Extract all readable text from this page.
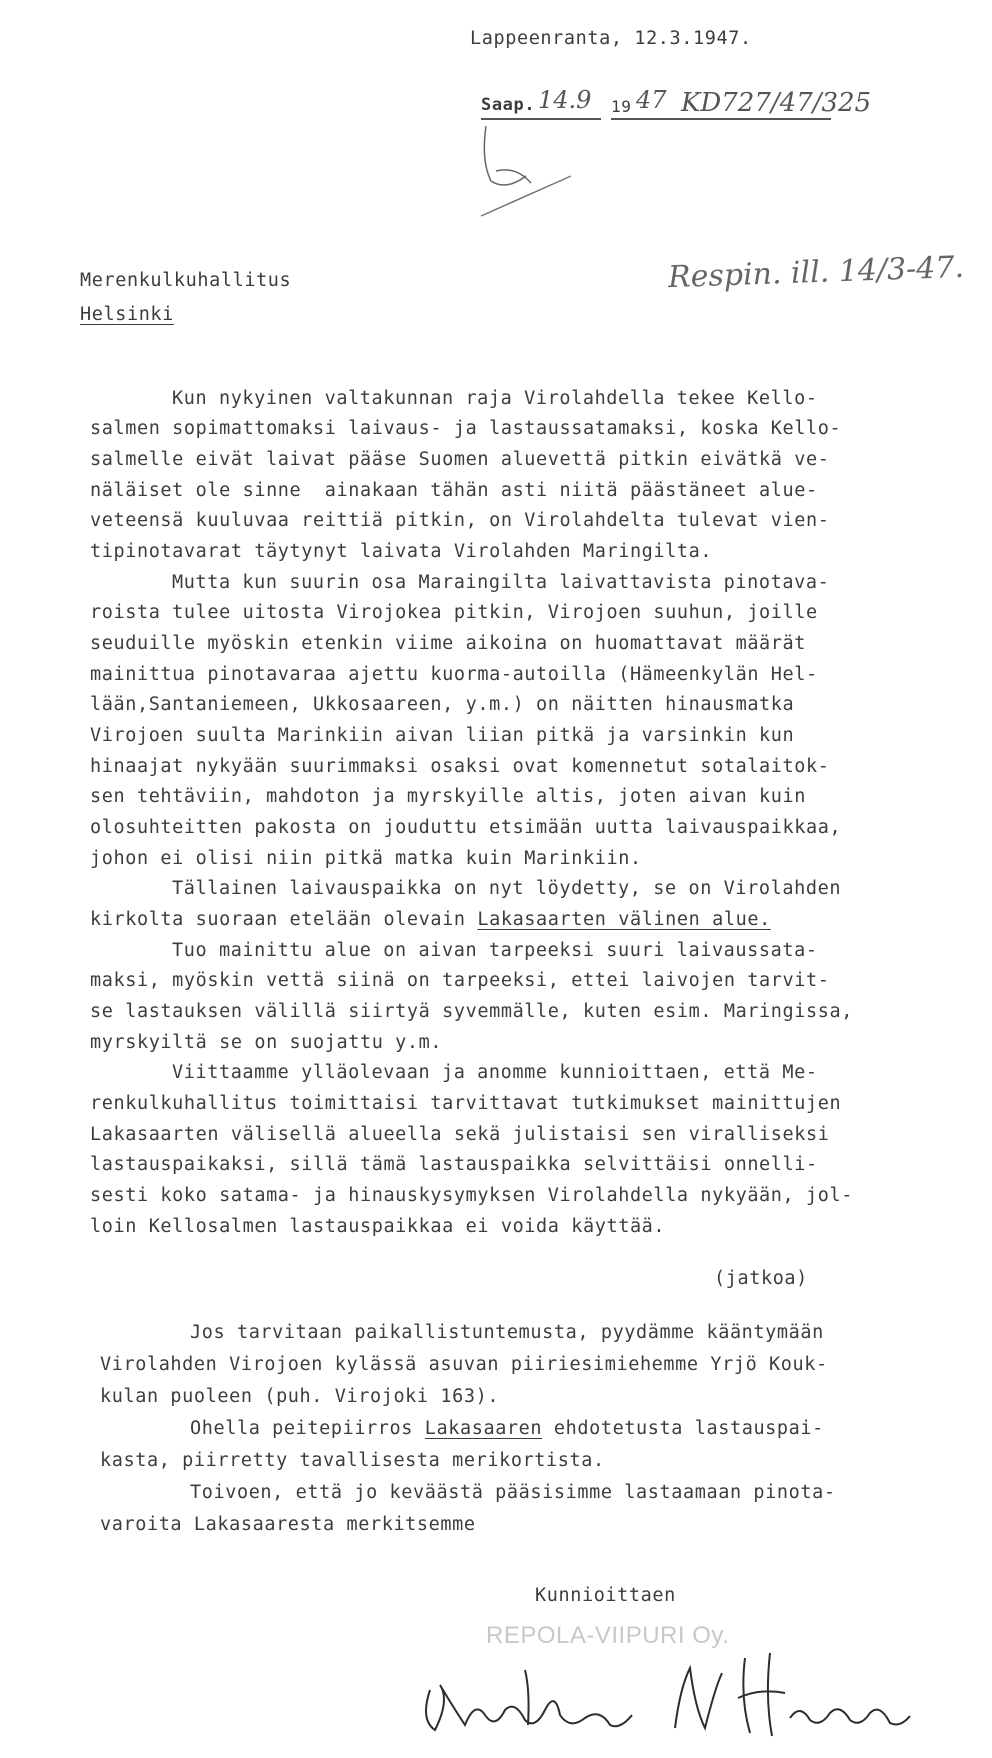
Lappeenranta, 12.3.1947.
Saap. 14.9 19 47 KD727/47/325
Merenkulkuhallitus
Helsinki
Respin. ill. 14/3-47.
Kun nykyinen valtakunnan raja Virolahdella tekee Kello-
salmen sopimattomaksi laivaus- ja lastaussatamaksi, koska Kello-
salmelle eivät laivat pääse Suomen aluevettä pitkin eivätkä ve-
näläiset ole sinne  ainakaan tähän asti niitä päästäneet alue-
veteensä kuuluvaa reittiä pitkin, on Virolahdelta tulevat vien-
tipinotavarat täytynyt laivata Virolahden Maringilta.
Mutta kun suurin osa Maraingilta laivattavista pinotava-
roista tulee uitosta Virojokea pitkin, Virojoen suuhun, joille
seuduille myöskin etenkin viime aikoina on huomattavat määrät
mainittua pinotavaraa ajettu kuorma-autoilla (Hämeenkylän Hel-
lään,Santaniemeen, Ukkosaareen, y.m.) on näitten hinausmatka
Virojoen suulta Marinkiin aivan liian pitkä ja varsinkin kun
hinaajat nykyään suurimmaksi osaksi ovat komennetut sotalaitok-
sen tehtäviin, mahdoton ja myrskyille altis, joten aivan kuin
olosuhteitten pakosta on jouduttu etsimään uutta laivauspaikkaa,
johon ei olisi niin pitkä matka kuin Marinkiin.
Tällainen laivauspaikka on nyt löydetty, se on Virolahden
kirkolta suoraan etelään olevain Lakasaarten välinen alue.
Tuo mainittu alue on aivan tarpeeksi suuri laivaussata-
maksi, myöskin vettä siinä on tarpeeksi, ettei laivojen tarvit-
se lastauksen välillä siirtyä syvemmälle, kuten esim. Maringissa,
myrskyiltä se on suojattu y.m.
Viittaamme ylläolevaan ja anomme kunnioittaen, että Me-
renkulkuhallitus toimittaisi tarvittavat tutkimukset mainittujen
Lakasaarten välisellä alueella sekä julistaisi sen viralliseksi
lastauspaikaksi, sillä tämä lastauspaikka selvittäisi onnelli-
sesti koko satama- ja hinauskysymyksen Virolahdella nykyään, jol-
loin Kellosalmen lastauspaikkaa ei voida käyttää.
(jatkoa)
Jos tarvitaan paikallistuntemusta, pyydämme kääntymään
Virolahden Virojoen kylässä asuvan piiriesimiehemme Yrjö Kouk-
kulan puoleen (puh. Virojoki 163).
Ohella peitepiirros Lakasaaren ehdotetusta lastauspai-
kasta, piirretty tavallisesta merikortista.
Toivoen, että jo keväästä pääsisimme lastaamaan pinota-
varoita Lakasaaresta merkitsemme
Kunnioittaen
REPOLA-VIIPURI Oy.
